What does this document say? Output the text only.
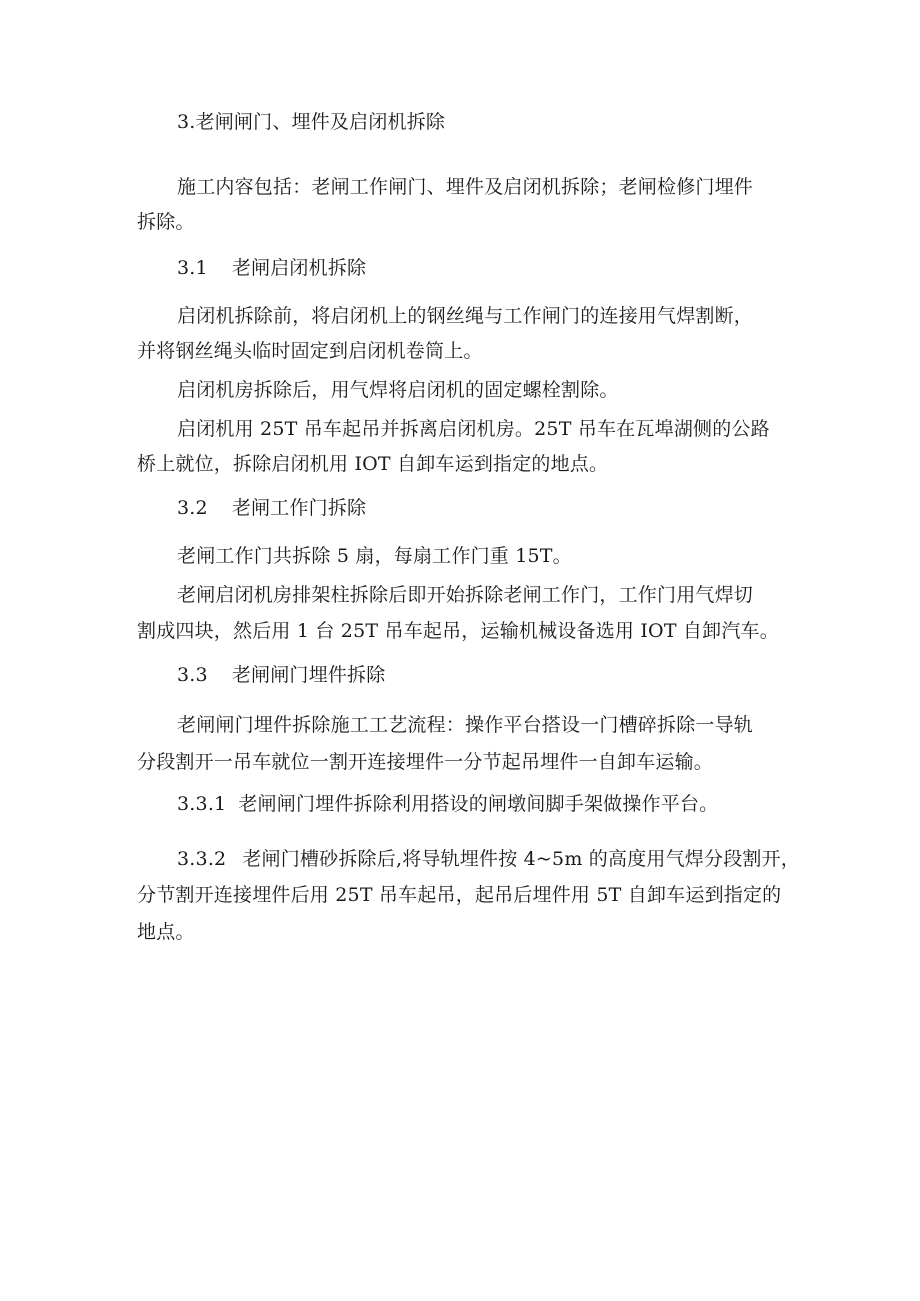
3.老闸闸门、埋件及启闭机拆除
施工内容包括：老闸工作闸门、埋件及启闭机拆除；老闸检修门埋件
拆除。
3.1 老闸启闭机拆除
启闭机拆除前，将启闭机上的钢丝绳与工作闸门的连接用气焊割断，
并将钢丝绳头临时固定到启闭机卷筒上。
启闭机房拆除后，用气焊将启闭机的固定螺栓割除。
启闭机用 25T 吊车起吊并拆离启闭机房。25T 吊车在瓦埠湖侧的公路
桥上就位，拆除启闭机用 IOT 自卸车运到指定的地点。
3.2 老闸工作门拆除
老闸工作门共拆除 5 扇，每扇工作门重 15T。
老闸启闭机房排架柱拆除后即开始拆除老闸工作门，工作门用气焊切
割成四块，然后用 1 台 25T 吊车起吊，运输机械设备选用 IOT 自卸汽车。
3.3 老闸闸门埋件拆除
老闸闸门埋件拆除施工工艺流程：操作平台搭设一门槽碎拆除一导轨
分段割开一吊车就位一割开连接埋件一分节起吊埋件一自卸车运输。
3.3.1 老闸闸门埋件拆除利用搭设的闸墩间脚手架做操作平台。
3.3.2 老闸门槽砂拆除后,将导轨埋件按 4~5m 的高度用气焊分段割开，
分节割开连接埋件后用 25T 吊车起吊，起吊后埋件用 5T 自卸车运到指定的
地点。
